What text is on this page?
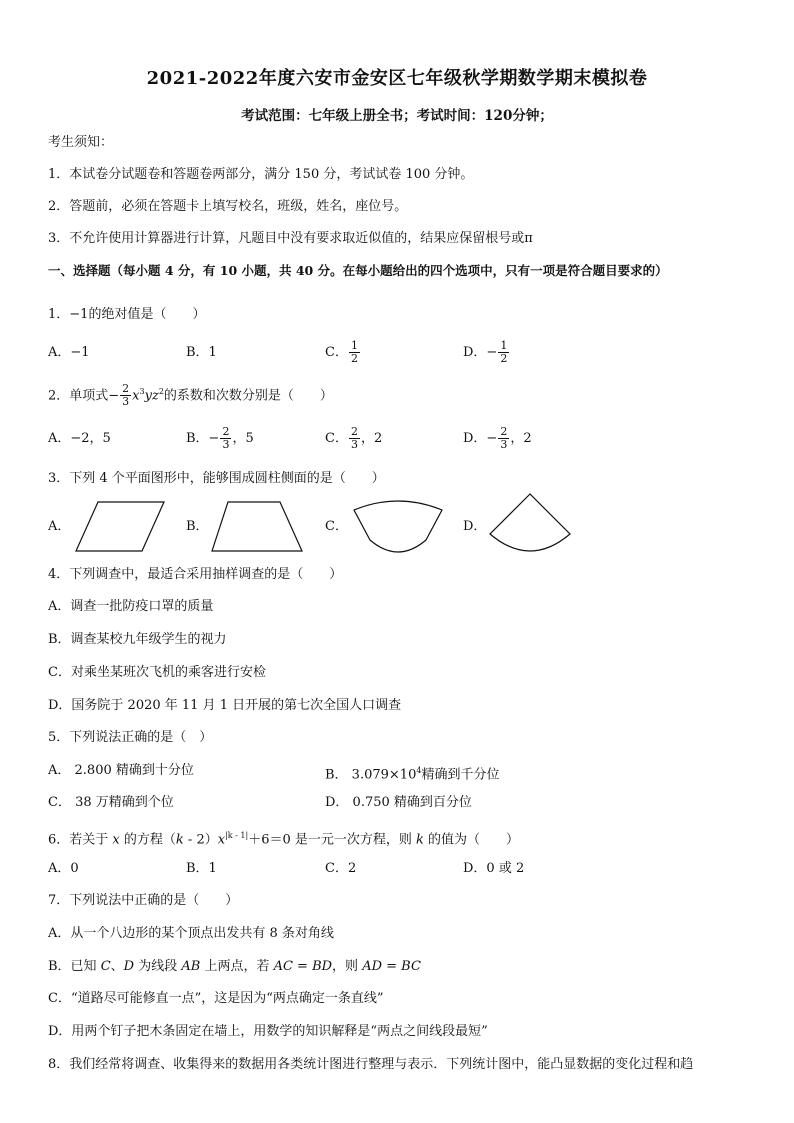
2021-2022年度六安市金安区七年级秋学期数学期末模拟卷
考试范围：七年级上册全书；考试时间：120分钟；
考生须知：
1．本试卷分试题卷和答题卷两部分，满分 150 分，考试试卷 100 分钟。
2．答题前，必须在答题卡上填写校名，班级，姓名，座位号。
3．不允许使用计算器进行计算，凡题目中没有要求取近似值的，结果应保留根号或π
一、选择题（每小题 4 分，有 10 小题，共 40 分。在每小题给出的四个选项中，只有一项是符合题目要求的）
1．−1的绝对值是（　　）
A．−1	B．1	C． $\frac{1}{2}$	D．− $\frac{1}{2}$
2．单项式− $\frac{2}{3} x^3yz^2$的系数和次数分别是（　　）
A．−2，5	B．− $\frac{2}{3}$ ，5	C． $\frac{2}{3}$ ，2	D．− $\frac{2}{3}$ ，2
3．下列 4 个平面图形中，能够围成圆柱侧面的是（　　）
A．	B．	C．	D．
4．下列调查中，最适合采用抽样调查的是（　　）
A．调查一批防疫口罩的质量
B．调查某校九年级学生的视力
C．对乘坐某班次飞机的乘客进行安检
D．国务院于 2020 年 11 月 1 日开展的第七次全国人口调查
5．下列说法正确的是（　）
A． 2.800 精确到十分位	B． $3.079\times 10^4$精确到千分位
C． 38 万精确到个位	D． 0.750 精确到百分位
6．若关于 x 的方程$(k - 2)x^{|k - 1|}+6=0$ 是一元一次方程，则 k 的值为（　　）
A．0	B．1	C．2	D．0 或 2
7．下列说法中正确的是（　　）
A．从一个八边形的某个顶点出发共有 8 条对角线
B．已知 C、D 为线段 AB 上两点，若 AC = BD，则 AD = BC
C．“道路尽可能修直一点”，这是因为“两点确定一条直线”
D．用两个钉子把木条固定在墙上，用数学的知识解释是“两点之间线段最短”
8．我们经常将调查、收集得来的数据用各类统计图进行整理与表示．下列统计图中，能凸显数据的变化过程和趋
